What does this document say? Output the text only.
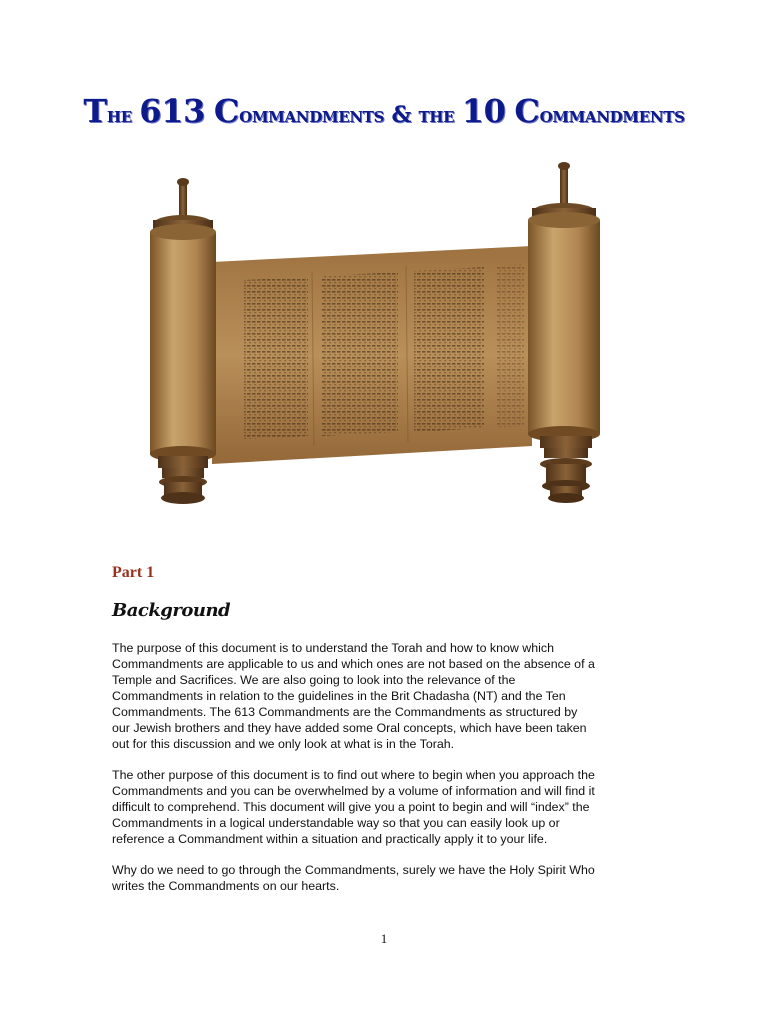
The 613 Commandments & the 10 Commandments
Part 1
Background

The purpose of this document is to understand the Torah and how to know which
Commandments are applicable to us and which ones are not based on the absence of a
Temple and Sacrifices. We are also going to look into the relevance of the
Commandments in relation to the guidelines in the Brit Chadasha (NT) and the Ten
Commandments. The 613 Commandments are the Commandments as structured by
our Jewish brothers and they have added some Oral concepts, which have been taken
out for this discussion and we only look at what is in the Torah.

The other purpose of this document is to find out where to begin when you approach the
Commandments and you can be overwhelmed by a volume of information and will find it
difficult to comprehend. This document will give you a point to begin and will “index” the
Commandments in a logical understandable way so that you can easily look up or
reference a Commandment within a situation and practically apply it to your life.

Why do we need to go through the Commandments, surely we have the Holy Spirit Who
writes the Commandments on our hearts.

1
